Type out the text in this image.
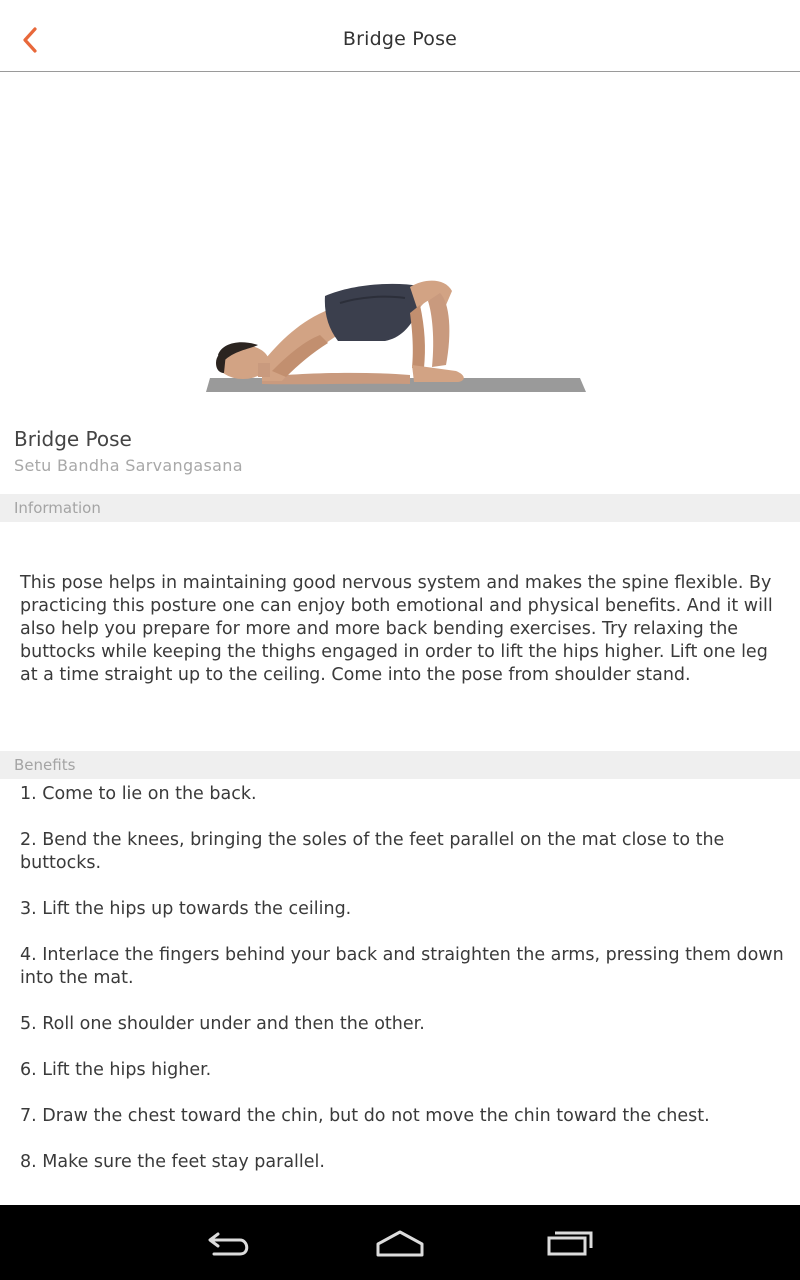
Bridge Pose
Bridge Pose
Setu Bandha Sarvangasana
Information
This pose helps in maintaining good nervous system and makes the spine flexible. By practicing this posture one can enjoy both emotional and physical benefits. And it will also help you prepare for more and more back bending exercises. Try relaxing the buttocks while keeping the thighs engaged in order to lift the hips higher. Lift one leg at a time straight up to the ceiling. Come into the pose from shoulder stand.
Benefits
1. Come to lie on the back.
2. Bend the knees, bringing the soles of the feet parallel on the mat close to the buttocks.
3. Lift the hips up towards the ceiling.
4. Interlace the fingers behind your back and straighten the arms, pressing them down into the mat.
5. Roll one shoulder under and then the other.
6. Lift the hips higher.
7. Draw the chest toward the chin, but do not move the chin toward the chest.
8. Make sure the feet stay parallel.
